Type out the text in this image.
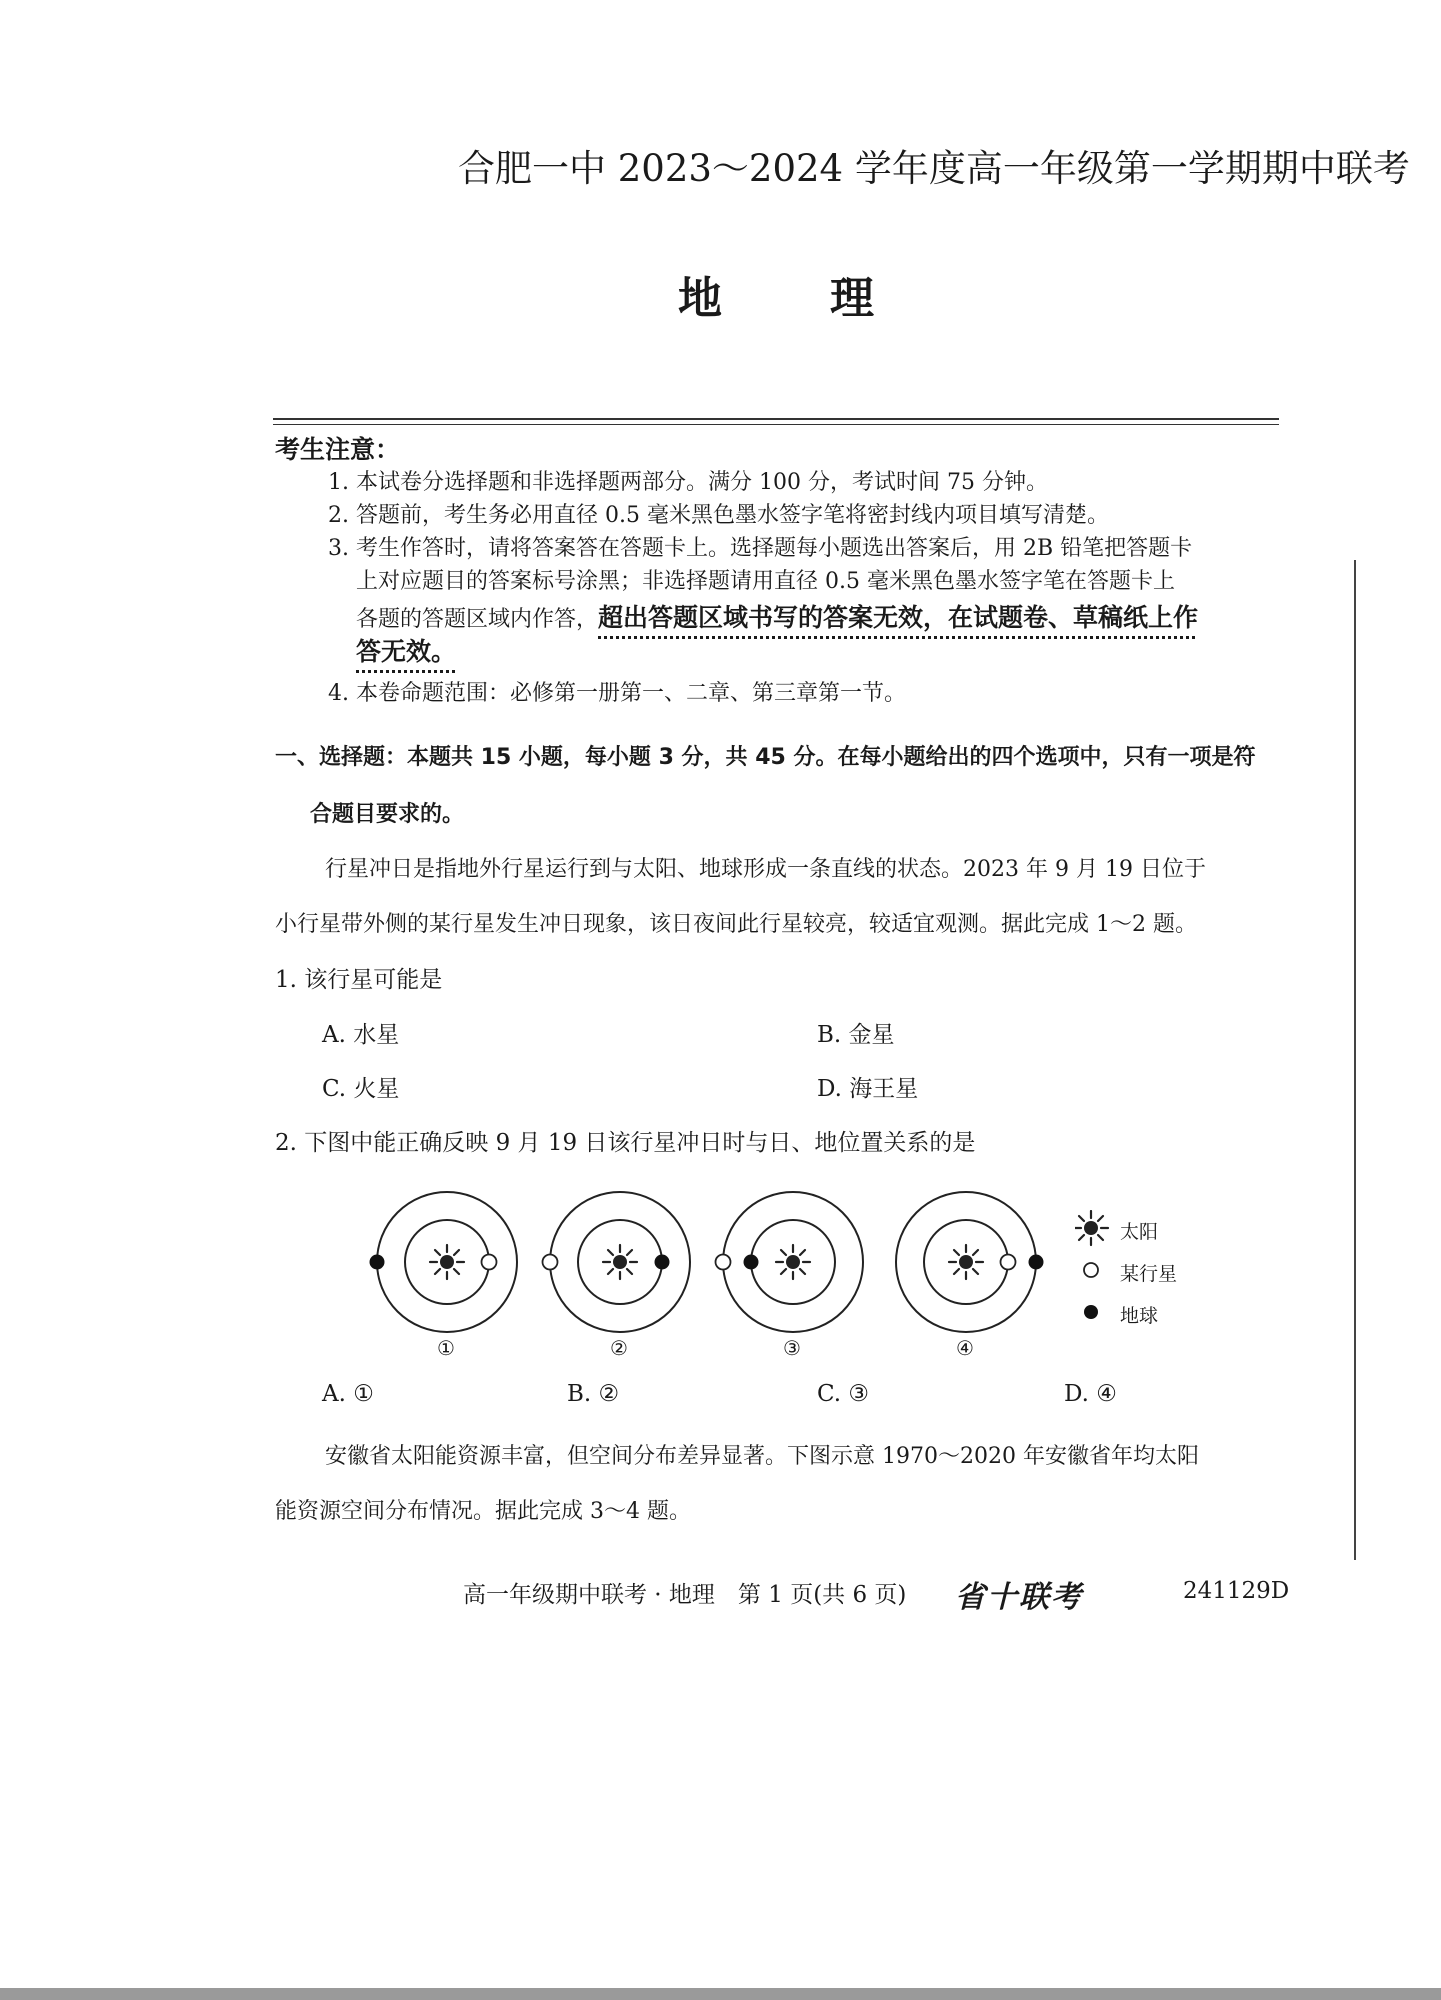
合肥一中 2023～2024 学年度高一年级第一学期期中联考
地 理
考生注意：
1. 本试卷分选择题和非选择题两部分。满分 100 分，考试时间 75 分钟。
2. 答题前，考生务必用直径 0.5 毫米黑色墨水签字笔将密封线内项目填写清楚。
3. 考生作答时，请将答案答在答题卡上。选择题每小题选出答案后，用 2B 铅笔把答题卡
上对应题目的答案标号涂黑；非选择题请用直径 0.5 毫米黑色墨水签字笔在答题卡上
各题的答题区域内作答，超出答题区域书写的答案无效，在试题卷、草稿纸上作
答无效。
4. 本卷命题范围：必修第一册第一、二章、第三章第一节。
一、选择题：本题共 15 小题，每小题 3 分，共 45 分。在每小题给出的四个选项中，只有一项是符
合题目要求的。
行星冲日是指地外行星运行到与太阳、地球形成一条直线的状态。2023 年 9 月 19 日位于
小行星带外侧的某行星发生冲日现象，该日夜间此行星较亮，较适宜观测。据此完成 1～2 题。
1. 该行星可能是
A. 水星	B. 金星
C. 火星	D. 海王星
2. 下图中能正确反映 9 月 19 日该行星冲日时与日、地位置关系的是
太阳
某行星
地球
①	②	③	④
A. ①	B. ②	C. ③	D. ④
安徽省太阳能资源丰富，但空间分布差异显著。下图示意 1970～2020 年安徽省年均太阳
能资源空间分布情况。据此完成 3～4 题。
高一年级期中联考 · 地理　第 1 页(共 6 页) 省十联考	241129D
